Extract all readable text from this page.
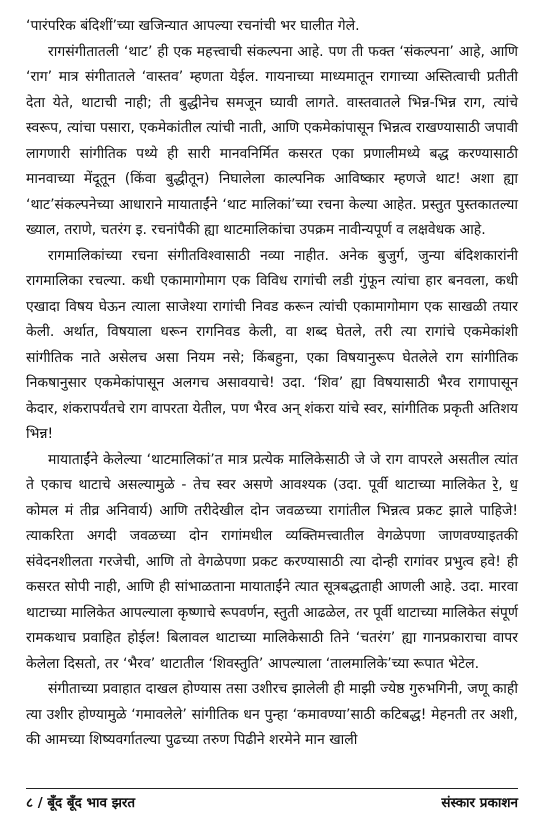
‘पारंपरिक बंदिशीं’च्या खजिन्यात आपल्या रचनांची भर घालीत गेले.

रागसंगीतातली ‘थाट’ ही एक महत्त्वाची संकल्पना आहे. पण ती फक्त ‘संकल्पना’ आहे, आणि ‘राग’ मात्र संगीतातले ‘वास्तव’ म्हणता येईल. गायनाच्या माध्यमातून रागाच्या अस्तित्वाची प्रतीती देता येते, थाटाची नाही; ती बुद्धीनेच समजून घ्यावी लागते. वास्तवातले भिन्न-भिन्न राग, त्यांचे स्वरूप, त्यांचा पसारा, एकमेकांतील त्यांची नाती, आणि एकमेकांपासून भिन्नत्व राखण्यासाठी जपावी लागणारी सांगीतिक पथ्ये ही सारी मानवनिर्मित कसरत एका प्रणालीमध्ये बद्ध करण्यासाठी मानवाच्या मेंदूतून (किंवा बुद्धीतून) निघालेला काल्पनिक आविष्कार म्हणजे थाट! अशा ह्या ‘थाट’संकल्पनेच्या आधाराने मायाताईंने ‘थाट मालिकां’च्या रचना केल्या आहेत. प्रस्तुत पुस्तकातल्या ख्याल, तराणे, चतरंग इ. रचनांपैकी ह्या थाटमालिकांचा उपक्रम नावीन्यपूर्ण व लक्षवेधक आहे.

रागमालिकांच्या रचना संगीतविश्वासाठी नव्या नाहीत. अनेक बुजुर्ग, जुन्या बंदिशकारांनी रागमालिका रचल्या. कधी एकामागोमाग एक विविध रागांची लडी गुंफून त्यांचा हार बनवला, कधी एखादा विषय घेऊन त्याला साजेश्या रागांची निवड करून त्यांची एकामागोमाग एक साखळी तयार केली. अर्थात, विषयाला धरून रागनिवड केली, वा शब्द घेतले, तरी त्या रागांचे एकमेकांशी सांगीतिक नाते असेलच असा नियम नसे; किंबहुना, एका विषयानुरूप घेतलेले राग सांगीतिक निकषानुसार एकमेकांपासून अलगच असावयाचे! उदा. ‘शिव’ ह्या विषयासाठी भैरव रागापासून केदार, शंकरापर्यंतचे राग वापरता येतील, पण भैरव अन् शंकरा यांचे स्वर, सांगीतिक प्रकृती अतिशय भिन्न!

मायाताईंने केलेल्या ‘थाटमालिकां’त मात्र प्रत्येक मालिकेसाठी जे जे राग वापरले असतील त्यांत ते एकाच थाटाचे असल्यामुळे - तेच स्वर असणे आवश्यक (उदा. पूर्वी थाटाच्या मालिकेत रे॒, ध॒ कोमल मं तीव्र अनिवार्य) आणि तरीदेखील दोन जवळच्या रागांतील भिन्नत्व प्रकट झाले पाहिजे! त्याकरिता अगदी जवळच्या दोन रागांमधील व्यक्तिमत्त्वातील वेगळेपणा जाणवण्याइतकी संवेदनशीलता गरजेची, आणि तो वेगळेपणा प्रकट करण्यासाठी त्या दोन्ही रागांवर प्रभुत्व हवे! ही कसरत सोपी नाही, आणि ही सांभाळताना मायाताईंने त्यात सूत्रबद्धताही आणली आहे. उदा. मारवा थाटाच्या मालिकेत आपल्याला कृष्णाचे रूपवर्णन, स्तुती आढळेल, तर पूर्वी थाटाच्या मालिकेत संपूर्ण रामकथाच प्रवाहित होईल! बिलावल थाटाच्या मालिकेसाठी तिने ‘चतरंग’ ह्या गानप्रकाराचा वापर केलेला दिसतो, तर ‘भैरव’ थाटातील ‘शिवस्तुति’ आपल्याला ‘तालमालिके’च्या रूपात भेटेल.

संगीताच्या प्रवाहात दाखल होण्यास तसा उशीरच झालेली ही माझी ज्येष्ठ गुरुभगिनी, जणू काही त्या उशीर होण्यामुळे ‘गमावलेले’ सांगीतिक धन पुन्हा ‘कमावण्या’साठी कटिबद्ध! मेहनती तर अशी, की आमच्या शिष्यवर्गातल्या पुढच्या तरुण पिढीने शरमेने मान खाली

८ / बूँद बूँद भाव झरत	संस्कार प्रकाशन
